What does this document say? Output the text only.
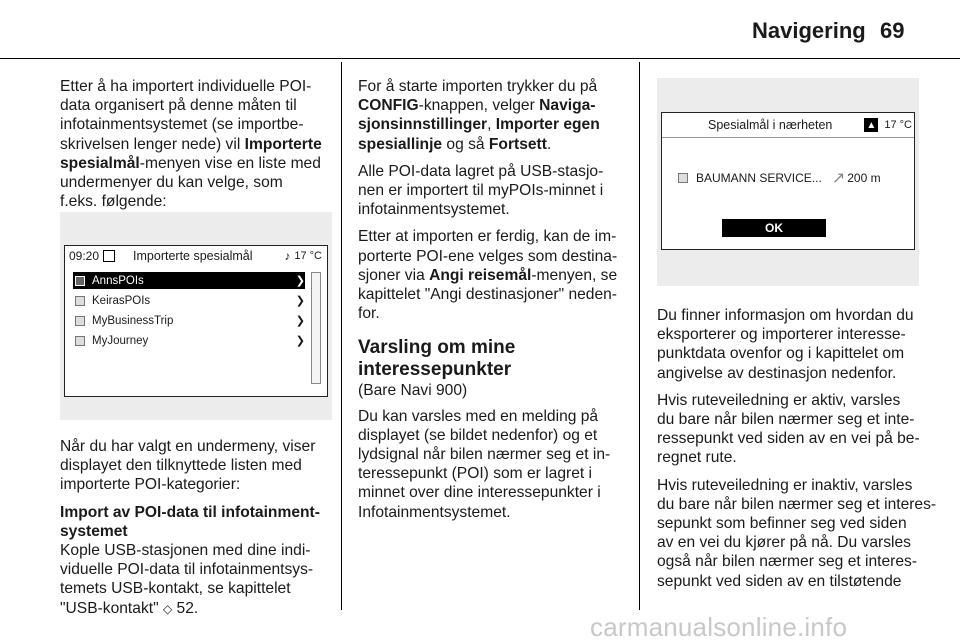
Navigering 69

Etter å ha importert individuelle POI-
data organisert på denne måten til
infotainmentsystemet (se importbe-
skrivelsen lenger nede) vil Importerte
spesialmål-menyen vise en liste med
undermenyer du kan velge, som
f.eks. følgende:

09:20	Importerte spesialmål	♪ 17 °C
AnnsPOIs	❯
KeirasPOIs	❯
MyBusinessTrip	❯
MyJourney	❯

Når du har valgt en undermeny, viser
displayet den tilknyttede listen med
importerte POI-kategorier:

Import av POI-data til infotainment-
systemet

Kople USB-stasjonen med dine indi-
viduelle POI-data til infotainmentsys-
temets USB-kontakt, se kapittelet
"USB-kontakt" ◇ 52.

For å starte importen trykker du på
CONFIG-knappen, velger Naviga-
sjonsinnstillinger, Importer egen
spesiallinje og så Fortsett.

Alle POI-data lagret på USB-stasjo-
nen er importert til myPOIs-minnet i
infotainmentsystemet.

Etter at importen er ferdig, kan de im-
porterte POI-ene velges som destina-
sjoner via Angi reisemål-menyen, se
kapittelet "Angi destinasjoner" neden-
for.

Varsling om mine
interessepunkter

(Bare Navi 900)

Du kan varsles med en melding på
displayet (se bildet nedenfor) og et
lydsignal når bilen nærmer seg et in-
teressepunkt (POI) som er lagret i
minnet over dine interessepunkter i
Infotainmentsystemet.

Spesialmål i nærheten	▲ 17 °C
BAUMANN SERVICE... ↗ 200 m
OK

Du finner informasjon om hvordan du
eksporterer og importerer interesse-
punktdata ovenfor og i kapittelet om
angivelse av destinasjon nedenfor.

Hvis ruteveiledning er aktiv, varsles
du bare når bilen nærmer seg et inte-
ressepunkt ved siden av en vei på be-
regnet rute.

Hvis ruteveiledning er inaktiv, varsles
du bare når bilen nærmer seg et interes-
sepunkt som befinner seg ved siden
av en vei du kjører på nå. Du varsles
også når bilen nærmer seg et interes-
sepunkt ved siden av en tilstøtende

carmanualsonline.info
